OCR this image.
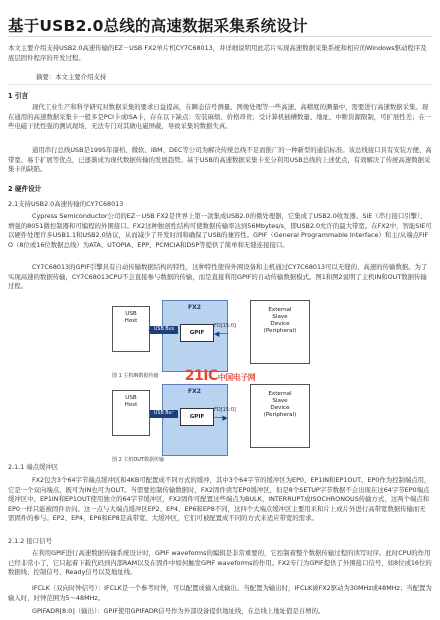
基于USB2.0总线的高速数据采集系统设计

本文主要介绍支持USB2.0高速传输的EZ－USB FX2单片机CY7C68013，并详细说明用此芯片实现高速数据采集系统和相应的Windows驱动程序及底层固件程序的开发过程。

摘要：本文主要介绍支持

1 引言

现代工业生产和科学研究对数据采集的要求日益提高，在瞬态信号测量、图像处理等一些高速、高精度的测量中，需要进行高速数据采集。现在通用的高速数据采集卡一般多是PCI卡或ISA卡，存在以下缺点：安装麻烦、价格昂贵；受计算机插槽数量、地址、中断资源限制，可扩展性差；在一些电磁干扰性强的测试现场，无法专门对其做电磁屏蔽，导致采集的数据失真。

通用串行总线USB是1995年康柏、微软、IBM、DEC等公司为解决传统总线不足而推广的一种新型的通信标准。该总线接口具有安装方便、高带宽、易于扩展等优点，已逐渐成为现代数据传输的发展趋势。基于USB的高速数据采集卡充分利用USB总线的上述优点，有效解决了传统高速数据采集卡的缺陷。

2 硬件设计

2.1支持USB2.0高速传输的CY7C68013

Cypress Semiconductor公司的EZ－USB FX2是世界上第一款集成USB2.0的微处理器，它集成了USB2.0收发器、SIE（串行接口引擎）、增强的8051微控制器和可编程的外围接口。FX2这种独创性结构可使数据传输率达到56Mbytes/s，即USB2.0允许的最大带宽。在FX2中，智能SIE可以硬件处理许多USB1.1和USB2.0协议，从而减少了开发时间和确保了USB的兼容性。GPIF（General Programmable Interface）和主/从端点FIFO（8位或16位数据总线）为ATA、UTOPIA、EPP、PCMCIA和DSP等提供了简单和无缝连接接口。

CY7C68013的GPIF引擎具有自动传输数据结构的特性，这种特性使得外围设备和主机通过CY7C68013可以无缝的、高速的传输数据。为了实现高速的数据传输，CY7C68013CPU不会直接参与数据的传输，而是直接利用GPIF的自动传输数据模式。图1和图2说明了主机IN和OUT数据传输过程。

USB
Host
FX2
GPIF
USB Bus
◀	FD[15:0]
◀──
External
Slave
Device
(Peripheral)
图 1 主机IN数据传输	21IC中国电子网
USB
Host
FX2
GPIF
USB Bus
▶	FD[15:0]
──▶
External
Slave
Device
(Peripheral)
图 2 主机OUT数据传输

2.1.1 端点缓冲区

FX2包含3个64字节端点缓冲区和4KB可配置成不同方式的缓冲，其中3个64字节的缓冲区为EP0、EP1IN和EP1OUT。EP0作为控制端点用，它是一个双向端点，既可为IN也可为OUT。当需要控制传输数据时，FX2固件读写EP0缓冲区，但是8个SETUP字节数据不会出现在这64字节EP0端点缓冲区中。EP1IN和EP1OUT使用独立的64字节缓冲区，FX2固件可配置这些端点为BULK、INTERRUPT或ISOCHRONOUS传输方式，这两个端点和EP0一样只能被固件访问。这一点与大端点缓冲区EP2、EP4、EP6和EP8不同，这四个大端点缓冲区主要用来和片上或片外进行高带宽数据传输而无需固件的参与。EP2、EP4、EP6和EP8是高带宽、大缓冲区，它们可被配置成不同的方式来适应带宽的需求。

2.1.2 接口信号

在利用GPIF进行高速数据传输系统设计时，GPIF waveforms的编辑是非常重要的，它控制着整个数据传输过程的读写时序。此时CPU的作用已经非常小了，它只起着下载代码到内部RAM以及在固件中如何触发GPIF waveforms的作用。FX2专门为GPIF提供了外围接口信号，如8位或16位的数据线、控制信号、Ready信号以及地址线。

IFCLK（双向时钟信号）：IFCLK是一个参考时钟，可以配置成输入或输出。当配置为输出时，IFCLK被FX2驱动为30MHz或48MHz；当配置为输入时，时钟范围为5～48MHz。

GPIFADR[8:0]（输出）：GPIF使用GPIFADR信号作为外部设备提供地址线，在总线上地址值是自增的。
